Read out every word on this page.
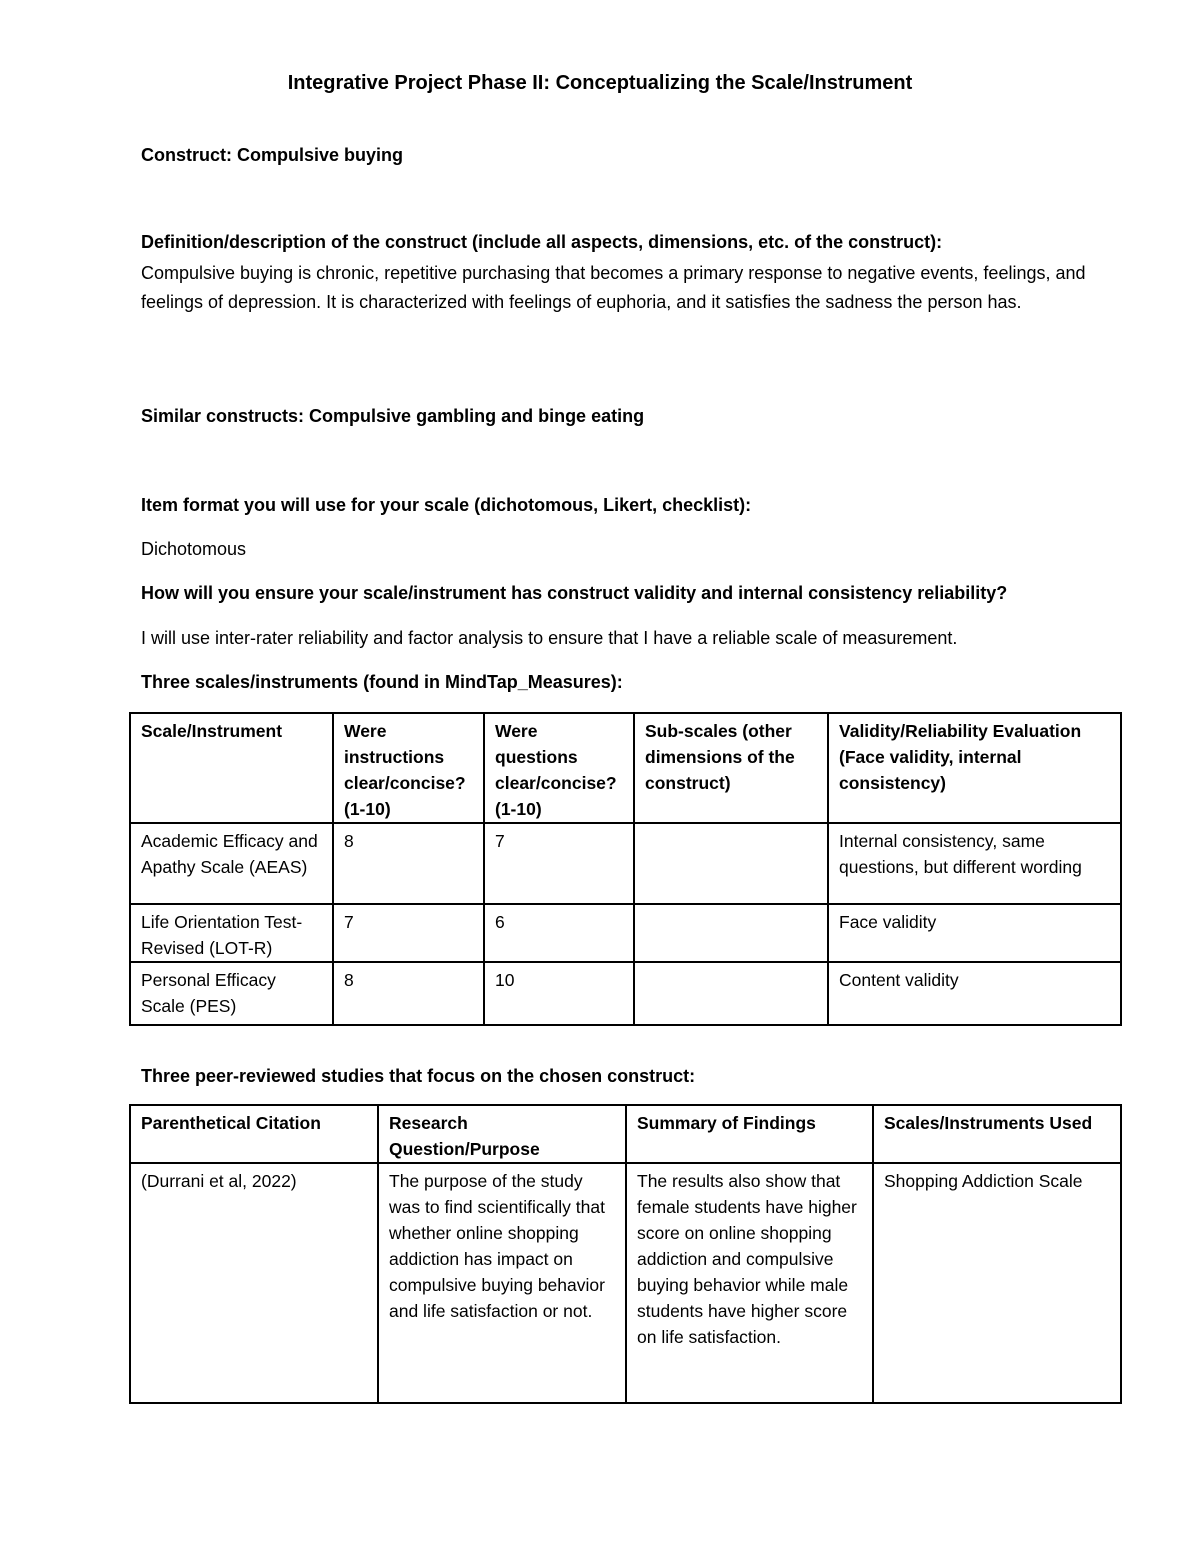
Integrative Project Phase II: Conceptualizing the Scale/Instrument

Construct: Compulsive buying

Definition/description of the construct (include all aspects, dimensions, etc. of the construct):

Compulsive buying is chronic, repetitive purchasing that becomes a primary response to negative events, feelings, and feelings of depression. It is characterized with feelings of euphoria, and it satisfies the sadness the person has.

Similar constructs: Compulsive gambling and binge eating

Item format you will use for your scale (dichotomous, Likert, checklist):

Dichotomous

How will you ensure your scale/instrument has construct validity and internal consistency reliability?

I will use inter-rater reliability and factor analysis to ensure that I have a reliable scale of measurement.

Three scales/instruments (found in MindTap_Measures):

Scale/Instrument	Were instructions clear/concise? (1-10)	Were questions clear/concise? (1-10)	Sub-scales (other dimensions of the construct)	Validity/Reliability Evaluation (Face validity, internal consistency)
Academic Efficacy and Apathy Scale (AEAS)	8	7		Internal consistency, same questions, but different wording
Life Orientation Test-Revised (LOT-R)	7	6		Face validity
Personal Efficacy Scale (PES)	8	10		Content validity

Three peer-reviewed studies that focus on the chosen construct:

Parenthetical Citation	Research Question/Purpose	Summary of Findings	Scales/Instruments Used
(Durrani et al, 2022)	The purpose of the study was to find scientifically that whether online shopping addiction has impact on compulsive buying behavior and life satisfaction or not.	The results also show that female students have higher score on online shopping addiction and compulsive buying behavior while male students have higher score on life satisfaction.	Shopping Addiction Scale
